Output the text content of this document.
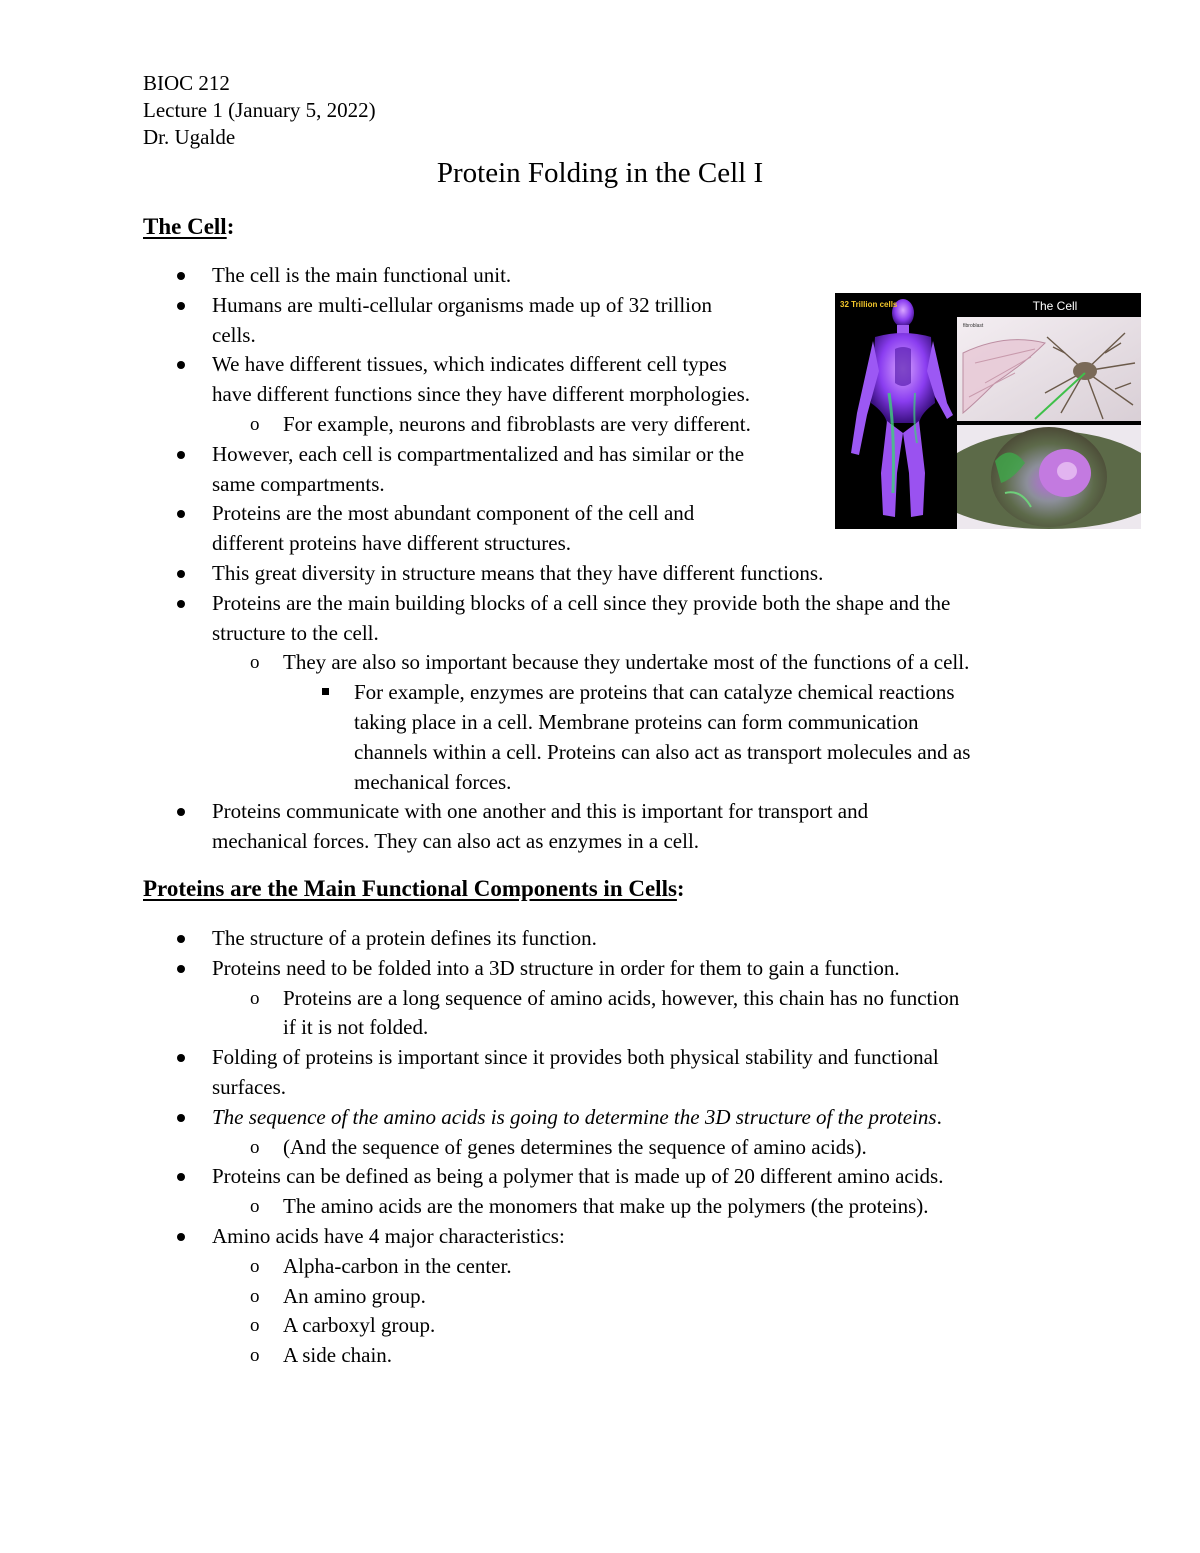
BIOC 212
Lecture 1 (January 5, 2022)
Dr. Ugalde
Protein Folding in the Cell I
The Cell:
The cell is the main functional unit.
Humans are multi-cellular organisms made up of 32 trillion
cells.
We have different tissues, which indicates different cell types
have different functions since they have different morphologies.
o For example, neurons and fibroblasts are very different.
However, each cell is compartmentalized and has similar or the
same compartments.
Proteins are the most abundant component of the cell and
different proteins have different structures.
This great diversity in structure means that they have different functions.
Proteins are the main building blocks of a cell since they provide both the shape and the
structure to the cell.
o They are also so important because they undertake most of the functions of a cell.
For example, enzymes are proteins that can catalyze chemical reactions
taking place in a cell. Membrane proteins can form communication
channels within a cell. Proteins can also act as transport molecules and as
mechanical forces.
Proteins communicate with one another and this is important for transport and
mechanical forces. They can also act as enzymes in a cell.
32 Trillion cells	The Cell
fibroblast
Proteins are the Main Functional Components in Cells:
The structure of a protein defines its function.
Proteins need to be folded into a 3D structure in order for them to gain a function.
o Proteins are a long sequence of amino acids, however, this chain has no function
if it is not folded.
Folding of proteins is important since it provides both physical stability and functional
surfaces.
The sequence of the amino acids is going to determine the 3D structure of the proteins.
o (And the sequence of genes determines the sequence of amino acids).
Proteins can be defined as being a polymer that is made up of 20 different amino acids.
o The amino acids are the monomers that make up the polymers (the proteins).
Amino acids have 4 major characteristics:
o Alpha-carbon in the center.
o An amino group.
o A carboxyl group.
o A side chain.
